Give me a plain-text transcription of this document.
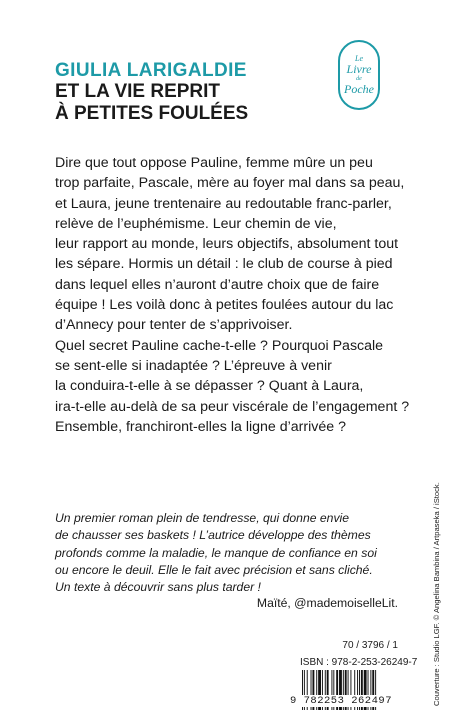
GIULIA LARIGALDIE
ET LA VIE REPRIT
À PETITES FOULÉES
Le
Livre
de
Poche
Dire que tout oppose Pauline, femme mûre un peu
trop parfaite, Pascale, mère au foyer mal dans sa peau,
et Laura, jeune trentenaire au redoutable franc-parler,
relève de l’euphémisme. Leur chemin de vie,
leur rapport au monde, leurs objectifs, absolument tout
les sépare. Hormis un détail : le club de course à pied
dans lequel elles n’auront d’autre choix que de faire
équipe ! Les voilà donc à petites foulées autour du lac
d’Annecy pour tenter de s’apprivoiser.
Quel secret Pauline cache-t-elle ? Pourquoi Pascale
se sent-elle si inadaptée ? L’épreuve à venir
la conduira-t-elle à se dépasser ? Quant à Laura,
ira-t-elle au-delà de sa peur viscérale de l’engagement ?
Ensemble, franchiront-elles la ligne d’arrivée ?
Un premier roman plein de tendresse, qui donne envie
de chausser ses baskets ! L’autrice développe des thèmes
profonds comme la maladie, le manque de confiance en soi
ou encore le deuil. Elle le fait avec précision et sans cliché.
Un texte à découvrir sans plus tarder !
Maïté, @mademoiselleLit.
70 / 3796 / 1
ISBN : 978-2-253-26249-7
9 782253 262497	Couverture : Studio LGF. © Angelina Bambina / Artpaseka / iStock.
